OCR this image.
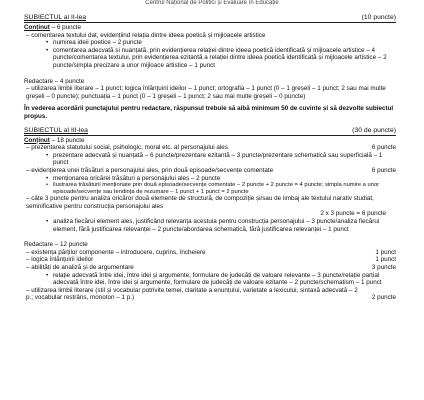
Centrul Național de Politici și Evaluare în Educație
SUBIECTUL al II-lea	(10 puncte)
Conținut – 6 puncte

– comentarea textului dat, evidențiind relația dintre ideea poetică și mijloacele artistice

• numirea ideii poetice – 2 puncte
• comentarea adecvată și nuanțată, prin evidențierea relației dintre ideea poetică identificată și mijloacele artistice – 4 puncte/comentarea textului, prin evidențierea ezitantă a relației dintre ideea poetică identificată și mijloacele artistice – 2 puncte/simpla precizare a unor mijloace artistice – 1 punct

Redactare – 4 puncte

– utilizarea limbii literare – 1 punct; logica înlănțuirii ideilor – 1 punct; ortografia – 1 punct (0 – 1 greșeli – 1 punct; 2 sau mai multe greșeli – 0 puncte); punctuația – 1 punct (0 – 1 greșeli – 1 punct; 2 sau mai multe greșeli – 0 puncte)

În vederea acordării punctajului pentru redactare, răspunsul trebuie să aibă minimum 50 de cuvinte și să dezvolte subiectul propus.

SUBIECTUL al III-lea	(30 de puncte)
Conținut – 18 puncte
– prezentarea statutului social, psihologic, moral etc. al personajului ales	6 puncte
• prezentare adecvată și nuanțată – 6 puncte/prezentare ezitantă – 3 puncte/prezentare schematică sau superficială – 1 punct
– evidențierea unei trăsături a personajului ales, prin două episoade/secvențe comentate	6 puncte
• menționarea oricărei trăsături a personajului ales – 2 puncte
• ilustrarea trăsăturii menționate prin două episoade/secvențe comentate – 2 puncte + 2 puncte = 4 puncte; simpla numire a unor episoade/secvențe sau tendința de rezumare – 1 punct + 1 punct = 2 puncte

– câte 3 puncte pentru analiza oricăror două elemente de structură, de compoziție și/sau de limbaj ale textului narativ studiat, semnificative pentru construcția personajului ales

2 x 3 puncte = 6 puncte
• analiza fiecărui element ales, justificând relevanța acestuia pentru construcția personajului – 3 puncte/analiza fiecărui element, fără justificarea relevanței – 2 puncte/abordarea schematică, fără justificarea relevanței – 1 punct

Redactare – 12 puncte

– existența părților componente – introducere, cuprins, încheiere	1 punct
– logica înlănțuirii ideilor	1 punct
– abilități de analiză și de argumentare	3 puncte
• relație adecvată între idei, între idei și argumente, formulare de judecăți de valoare relevante – 3 puncte/relație parțial adecvată între idei, între idei și argumente, formulare de judecăți de valoare ezitante – 2 puncte/schematism – 1 punct
– utilizarea limbii literare (stil și vocabular potrivite temei, claritate a enunțului, varietate a lexicului, sintaxă adecvată – 2 p.; vocabular restrâns, monoton – 1 p.)	2 puncte
